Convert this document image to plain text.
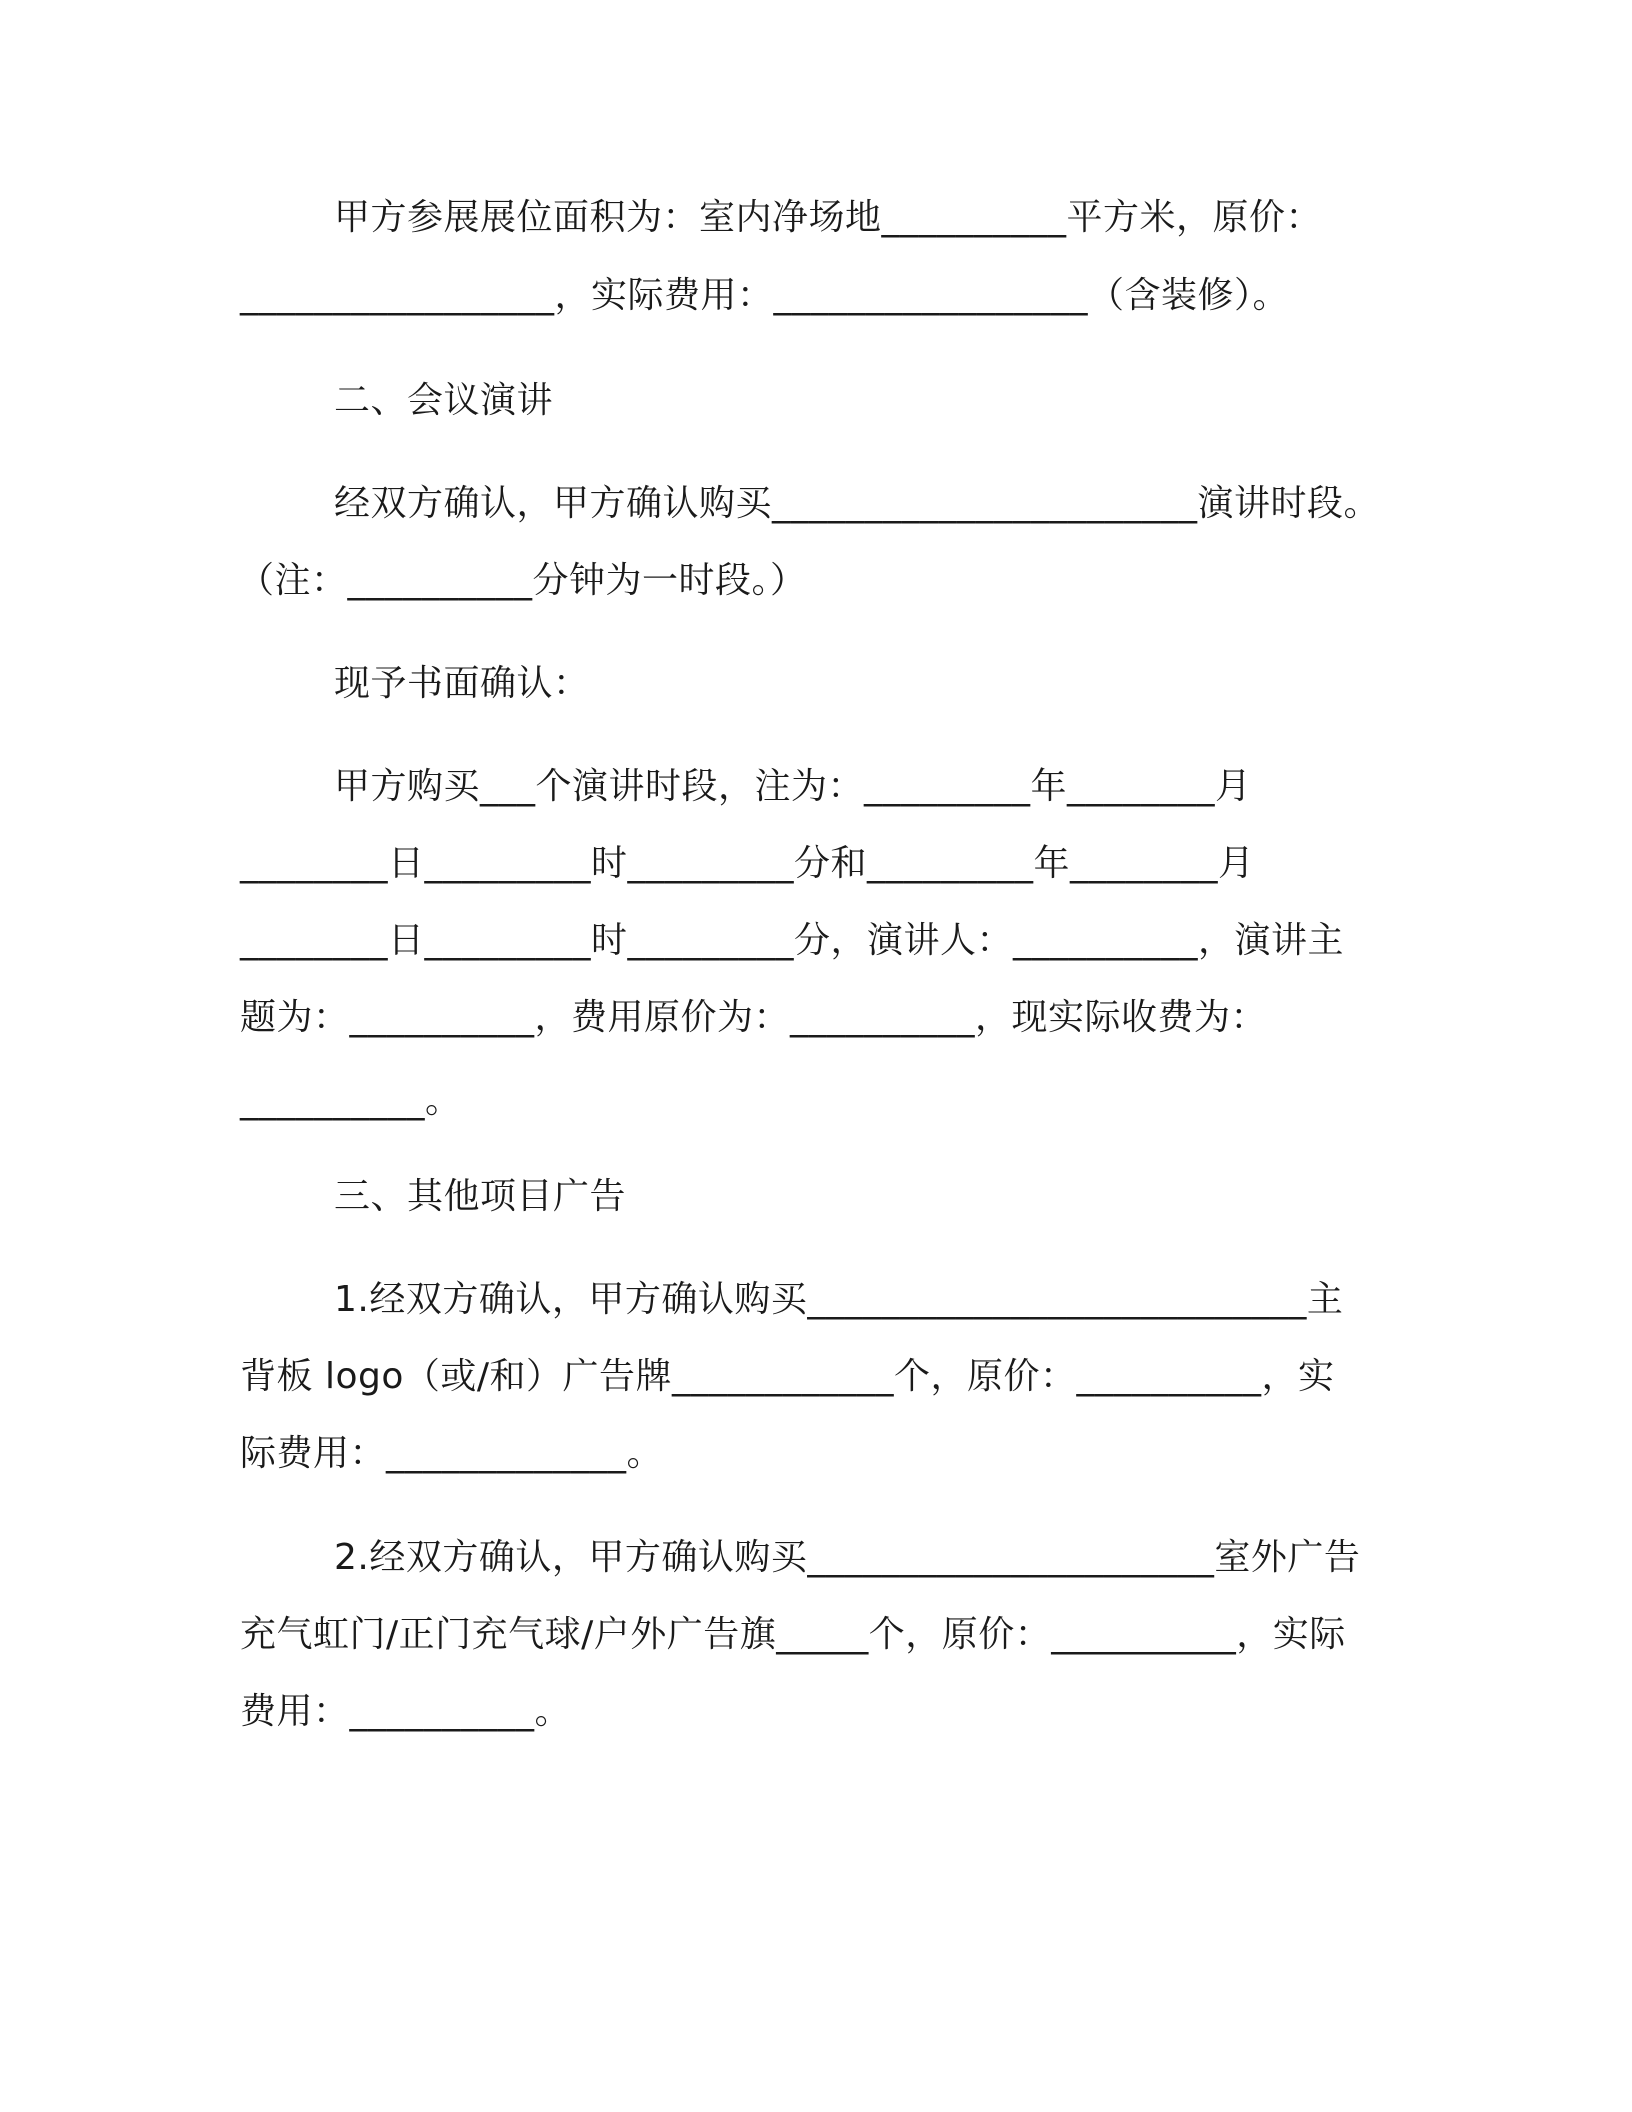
甲方参展展位面积为：室内净场地__________平方米，原价：
_________________，实际费用：_________________（含装修）。
二、会议演讲
经双方确认，甲方确认购买_______________________演讲时段。
（注：__________分钟为一时段。）
现予书面确认：
甲方购买___个演讲时段，注为：_________年________月
________日_________时_________分和_________年________月
________日_________时_________分，演讲人：__________，演讲主
题为：__________，费用原价为：__________，现实际收费为：
__________。
三、其他项目广告
1.经双方确认，甲方确认购买___________________________主
背板 logo（或/和）广告牌____________个，原价：__________，实
际费用：_____________。
2.经双方确认，甲方确认购买______________________室外广告
充气虹门/正门充气球/户外广告旗_____个，原价：__________，实际
费用：__________。
